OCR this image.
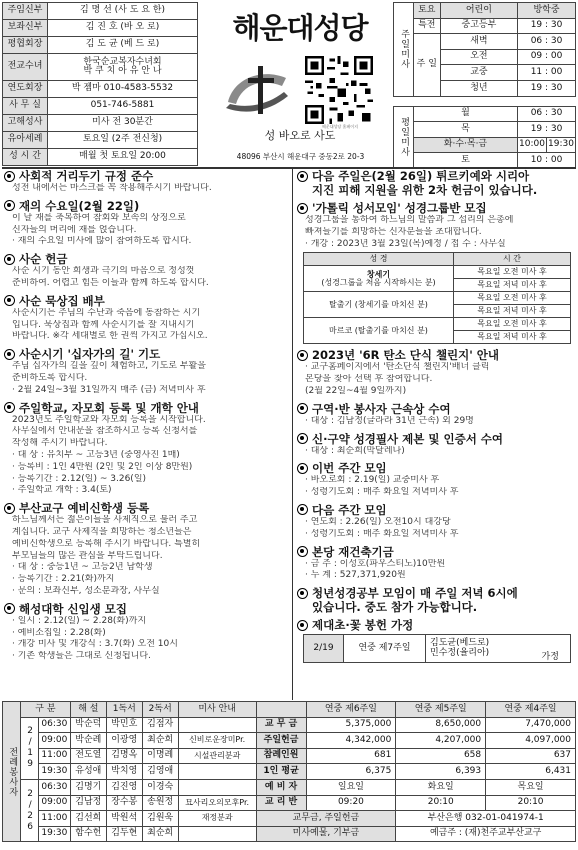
주임신부	김 명 선 (사 도 요 한)
보좌신부	김 진 호 (바 오 로)
평협회장	김 도 균 (베 드 로)
전교수녀	한국순교복자수녀회
박 쿠 치 아 유 안 나

연도회장	박 젬마 010-4583-5532
사 무 실	051-746-5881
고해성사	미사 전 30분간
유아세례	토요일 (2주 전신청)
성 시 간	매월 첫 토요일 20:00
해운대성당
해운대성당 홈페이지
성 바오로 사도
48096 부산시 해운대구 중동2로 20-3
주일미사	토요	어린이	방학중	
	특전	중고등부	19 : 30	
	주 일	새벽	06 : 30	
		오전	09 : 00	
		교중	11 : 00	
		청년	19 : 30	

평일미사	월		06 : 30	
	목		19 : 30	
	화·수·목·금		10:00	19:30
	토		10 : 00	
사회적 거리두기 규정 준수
성전 내에서는 마스크를 꼭 착용해주시기 바랍니다.
재의 수요일(2월 22일)
이 날 재를 축복하여 참회와 보속의 상징으로
신자들의 머리에 재를 얹습니다.
· 재의 수요일 미사에 많이 참여하도록 합시다.
사순 헌금
사순 시기 동안 희생과 극기의 마음으로 정성껏
준비하여. 어렵고 힘든 이들과 함께 하도록 합시다.
사순 묵상집 배부
사순시기는 주님의 수난과 죽음에 동참하는 시기
입니다. 묵상집과 함께 사순시기를 잘 지내시기
바랍니다. ※각 세대별로 한 권씩 가지고 가십시오.
사순시기 '십자가의 길' 기도
주님 십자가의 길을 깊이 체험하고, 기도로 부활을
준비하도록 합시다.
· 2월 24일~3월 31일까지 매주 (금) 저녁미사 후
주일학교, 자모회 등록 및 개학 안내
2023년도 주일학교와 자모회 등록을 시작합니다.
사무실에서 안내문을 참조하시고 등록 신청서를
작성해 주시기 바랍니다.
· 대 상 : 유치부 ~ 고등3년 (중영사진 1매)
· 등록비 : 1인 4만원 (2인 및 2인 이상 8만원)
· 등록기간 : 2.12(일) ~ 3.26(일)
· 주일학교 개학 : 3.4(토)
부산교구 예비신학생 등록
하느님께서는 젊은이들을 사제직으로 불러 주고
계십니다. 교구 사제직을 희망하는 청소년들은
예비신학생으로 등록해 주시기 바랍니다. 특별히
부모님들의 많은 관심을 부탁드립니다.
· 대 상 : 중등1년 ~ 고등2년 남학생
· 등록기간 : 2.21(화)까지
· 문의 : 보좌신부, 성소분과장, 사무실
해성대학 신입생 모집
· 일시 : 2.12(일) ~ 2.28(화)까지
· 예비소집일 : 2.28(화)
· 개강 미사 및 개강식 : 3.7(화) 오전 10시
· 기존 학생들은 그대로 신청됩니다.
다음 주일은(2월 26일) 튀르키예와 시리아
지진 피해 지원을 위한 2차 헌금이 있습니다.
'가톨릭 성서모임' 성경그룹반 모집
성경그룹을 통하여 하느님의 말씀과 그 섭리의 은총에
빠져들기를 희망하는 신자분들을 초대합니다.
· 개강 : 2023년 3월 23일(목)예정 / 접 수 : 사무실
성 경	시 간

창세기
(성경그룹을 처음 시작하시는 분)	목요일 오전 미사 후
	목요일 저녁 미사 후

탈출기 (창세기를 마치신 분)	목요일 오전 미사 후
	목요일 저녁 미사 후

마르코 (탈출기를 마치신 분)	목요일 오전 미사 후
	목요일 저녁 미사 후
2023년 '6R 탄소 단식 챌린지' 안내
· 교구홈페이지에서 '탄소단식 챌린지'배너 클릭
본당을 찾아 선택 후 참여합니다.
(2월 22일~4월 9일까지)
구역·반 봉사자 근속상 수여
· 대상 : 김남정(글라라 31년 근속) 외 29명
신·구약 성경필사 제본 및 인증서 수여
· 대상 : 최순희(막달레나)
이번 주간 모임
· 바오로회 : 2.19(일) 교중미사 후
· 성령기도회 : 매주 화요일 저녁미사 후
다음 주간 모임
· 연도회 : 2.26(일) 오전10시 대강당
· 성령기도회 : 매주 화요일 저녁미사 후
본당 재건축기금
· 금 주 : 이성호(파우스티노)10만원
· 누 계 : 527,371,920원
청년성경공부 모임이 매 주일 저녁 6시에
있습니다. 중도 참가 가능합니다.
제대초·꽃 봉헌 가정
2/19	연중 제7주일	김도균(베드로)
민수정(율리아)	가정
전례봉사자	구 분		해 설	1독서	2독서	미사 안내		연중 제6주일	연중 제5주일	연중 제4주일
	2/19	06:30	박순덕	박민호	김점자		교 무 금	5,375,000	8,650,000	7,470,000
		09:00	박순례	이광영	최순희	신비로운장미Pr.	주일헌금	4,342,000	4,207,000	4,097,000
		11:00	전도열	김명옥	이명례	시설관리분과	참례인원	681	658	637
		19:30	유성애	박치영	김영애		1인 평균	6,375	6,393	6,431
	2/26	06:30	김명기	김진영	이경숙		예 비 자	일요일	화요일	목요일
		09:00	김남정	장수봉	송원정	묘사리오의모후Pr.	교 리 반	09:20	20:10	20:10
		11:00	김선희	박원석	김원욱	재정분과	교무금, 주일헌금		부산은행 032-01-041974-1	
		19:30	함수헌	김두현	최순희		미사예물, 기부금		예금주 : (재)천주교부산교구	
